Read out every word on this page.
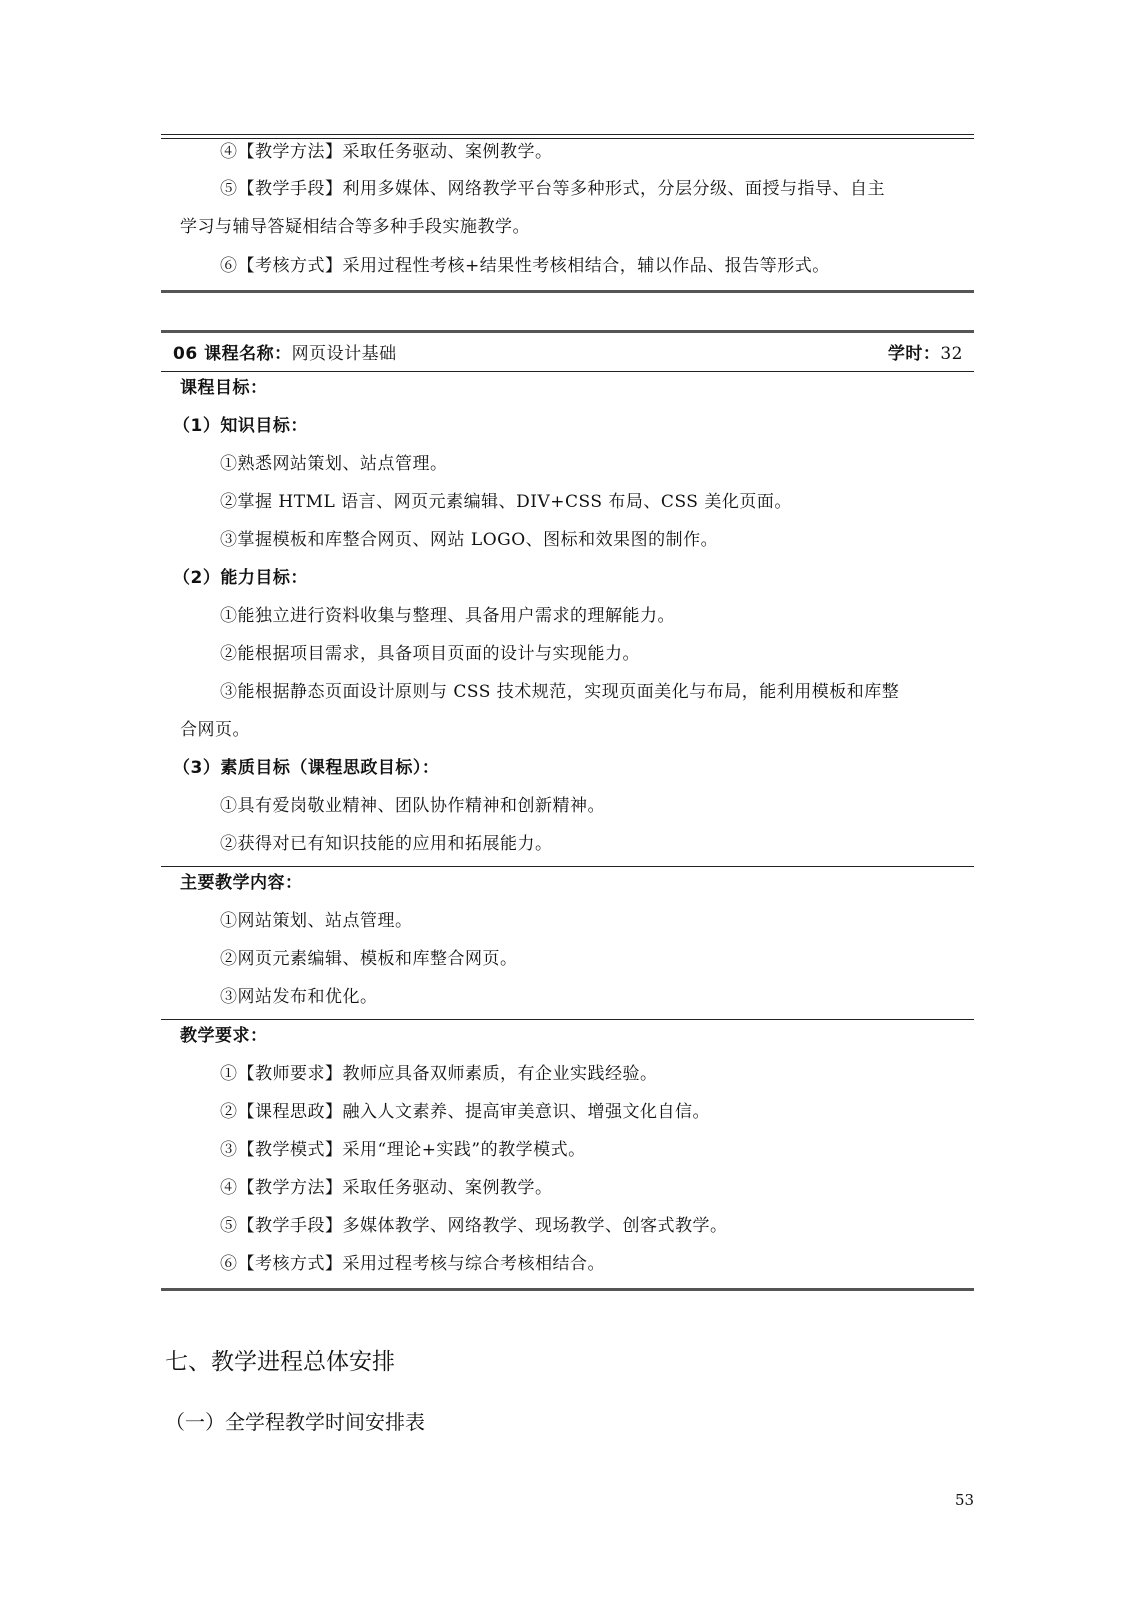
④【教学方法】采取任务驱动、案例教学。
⑤【教学手段】利用多媒体、网络教学平台等多种形式，分层分级、面授与指导、自主
学习与辅导答疑相结合等多种手段实施教学。
⑥【考核方式】采用过程性考核+结果性考核相结合，辅以作品、报告等形式。
06 课程名称：网页设计基础	学时：32
课程目标：
（1）知识目标：
①熟悉网站策划、站点管理。
②掌握 HTML 语言、网页元素编辑、DIV+CSS 布局、CSS 美化页面。
③掌握模板和库整合网页、网站 LOGO、图标和效果图的制作。
（2）能力目标：
①能独立进行资料收集与整理、具备用户需求的理解能力。
②能根据项目需求，具备项目页面的设计与实现能力。
③能根据静态页面设计原则与 CSS 技术规范，实现页面美化与布局，能利用模板和库整
合网页。
（3）素质目标（课程思政目标）：
①具有爱岗敬业精神、团队协作精神和创新精神。
②获得对已有知识技能的应用和拓展能力。
主要教学内容：
①网站策划、站点管理。
②网页元素编辑、模板和库整合网页。
③网站发布和优化。
教学要求：
①【教师要求】教师应具备双师素质，有企业实践经验。
②【课程思政】融入人文素养、提高审美意识、增强文化自信。
③【教学模式】采用“理论+实践”的教学模式。
④【教学方法】采取任务驱动、案例教学。
⑤【教学手段】多媒体教学、网络教学、现场教学、创客式教学。
⑥【考核方式】采用过程考核与综合考核相结合。
七、教学进程总体安排
（一）全学程教学时间安排表
53
